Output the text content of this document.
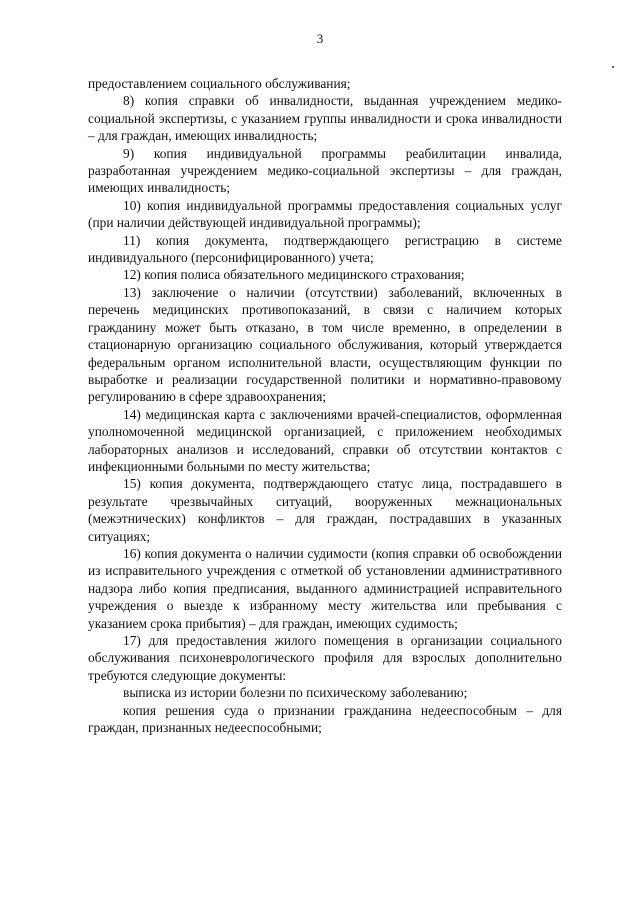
3

предоставлением социального обслуживания;

8) копия справки об инвалидности, выданная учреждением медико-социальной экспертизы, с указанием группы инвалидности и срока инвалидности – для граждан, имеющих инвалидность;

9) копия индивидуальной программы реабилитации инвалида, разработанная учреждением медико-социальной экспертизы – для граждан, имеющих инвалидность;

10) копия индивидуальной программы предоставления социальных услуг (при наличии действующей индивидуальной программы);

11) копия документа, подтверждающего регистрацию в системе индивидуального (персонифицированного) учета;

12) копия полиса обязательного медицинского страхования;

13) заключение о наличии (отсутствии) заболеваний, включенных в перечень медицинских противопоказаний, в связи с наличием которых гражданину может быть отказано, в том числе временно, в определении в стационарную организацию социального обслуживания, который утверждается федеральным органом исполнительной власти, осуществляющим функции по выработке и реализации государственной политики и нормативно-правовому регулированию в сфере здравоохранения;

14) медицинская карта с заключениями врачей-специалистов, оформленная уполномоченной медицинской организацией, с приложением необходимых лабораторных анализов и исследований, справки об отсутствии контактов с инфекционными больными по месту жительства;

15) копия документа, подтверждающего статус лица, пострадавшего в результате чрезвычайных ситуаций, вооруженных межнациональных (межэтнических) конфликтов – для граждан, пострадавших в указанных ситуациях;

16) копия документа о наличии судимости (копия справки об освобождении из исправительного учреждения с отметкой об установлении административного надзора либо копия предписания, выданного администрацией исправительного учреждения о выезде к избранному месту жительства или пребывания с указанием срока прибытия) – для граждан, имеющих судимость;

17) для предоставления жилого помещения в организации социального обслуживания психоневрологического профиля для взрослых дополнительно требуются следующие документы:

выписка из истории болезни по психическому заболеванию;

копия решения суда о признании гражданина недееспособным – для граждан, признанных недееспособными;
